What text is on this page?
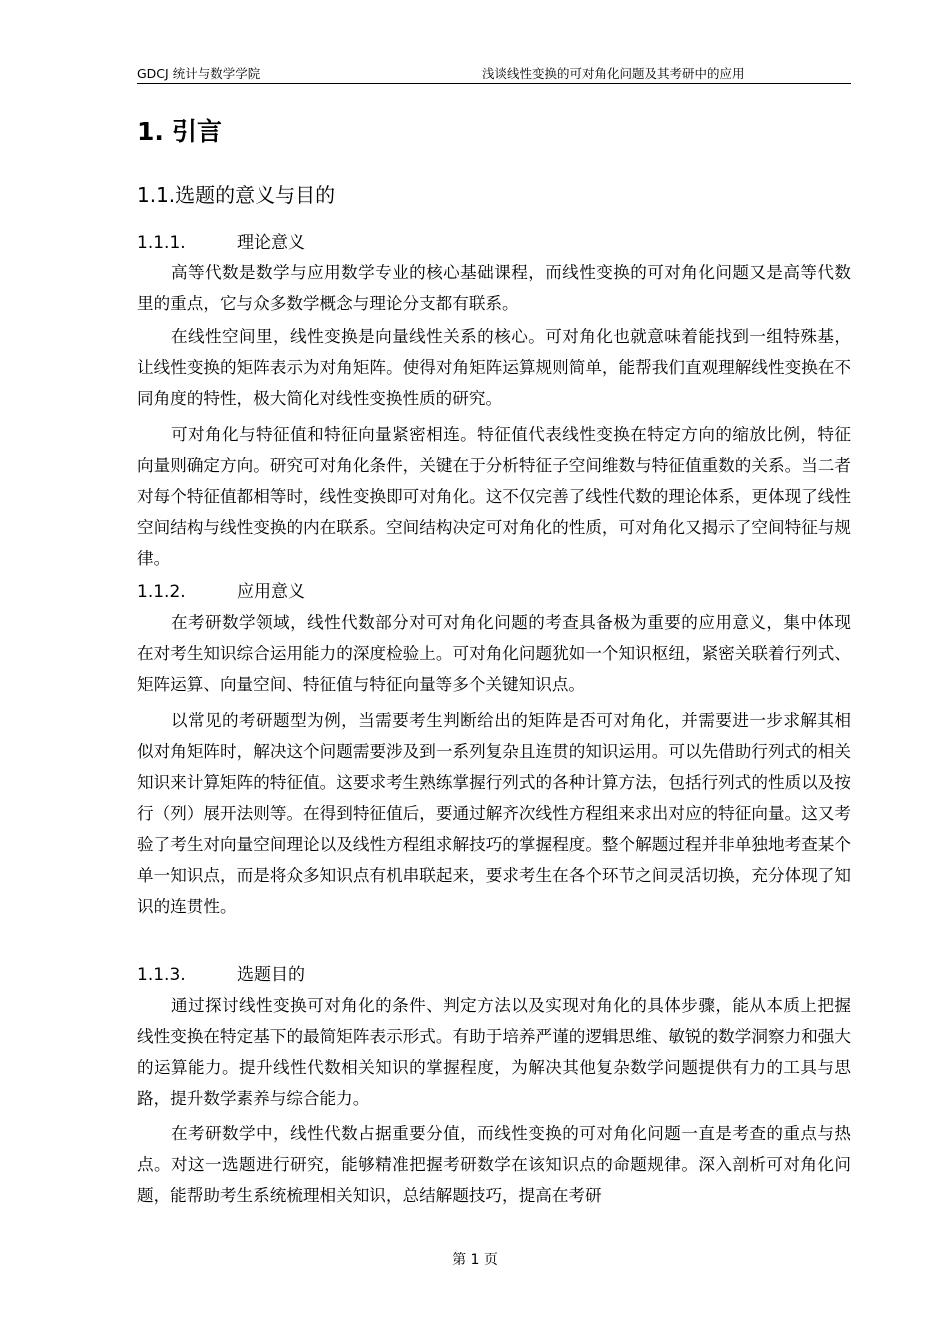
GDCJ 统计与数学学院	浅谈线性变换的可对角化问题及其考研中的应用
1. 引言
1.1.选题的意义与目的
1.1.1.	理论意义

高等代数是数学与应用数学专业的核心基础课程，而线性变换的可对角化问题又是高等代数里的重点，它与众多数学概念与理论分支都有联系。

在线性空间里，线性变换是向量线性关系的核心。可对角化也就意味着能找到一组特殊基，让线性变换的矩阵表示为对角矩阵。使得对角矩阵运算规则简单，能帮我们直观理解线性变换在不同角度的特性，极大简化对线性变换性质的研究。

可对角化与特征值和特征向量紧密相连。特征值代表线性变换在特定方向的缩放比例，特征向量则确定方向。研究可对角化条件，关键在于分析特征子空间维数与特征值重数的关系。当二者对每个特征值都相等时，线性变换即可对角化。这不仅完善了线性代数的理论体系，更体现了线性空间结构与线性变换的内在联系。空间结构决定可对角化的性质，可对角化又揭示了空间特征与规律。

1.1.2.	应用意义

在考研数学领域，线性代数部分对可对角化问题的考查具备极为重要的应用意义，集中体现在对考生知识综合运用能力的深度检验上。可对角化问题犹如一个知识枢纽，紧密关联着行列式、矩阵运算、向量空间、特征值与特征向量等多个关键知识点。

以常见的考研题型为例，当需要考生判断给出的矩阵是否可对角化，并需要进一步求解其相似对角矩阵时，解决这个问题需要涉及到一系列复杂且连贯的知识运用。可以先借助行列式的相关知识来计算矩阵的特征值。这要求考生熟练掌握行列式的各种计算方法，包括行列式的性质以及按行（列）展开法则等。在得到特征值后，要通过解齐次线性方程组来求出对应的特征向量。这又考验了考生对向量空间理论以及线性方程组求解技巧的掌握程度。整个解题过程并非单独地考查某个单一知识点，而是将众多知识点有机串联起来，要求考生在各个环节之间灵活切换，充分体现了知识的连贯性。

1.1.3.	选题目的

通过探讨线性变换可对角化的条件、判定方法以及实现对角化的具体步骤，能从本质上把握线性变换在特定基下的最简矩阵表示形式。有助于培养严谨的逻辑思维、敏锐的数学洞察力和强大的运算能力。提升线性代数相关知识的掌握程度，为解决其他复杂数学问题提供有力的工具与思路，提升数学素养与综合能力。

在考研数学中，线性代数占据重要分值，而线性变换的可对角化问题一直是考查的重点与热点。对这一选题进行研究，能够精准把握考研数学在该知识点的命题规律。深入剖析可对角化问题，能帮助考生系统梳理相关知识，总结解题技巧，提高在考研

第 1 页
